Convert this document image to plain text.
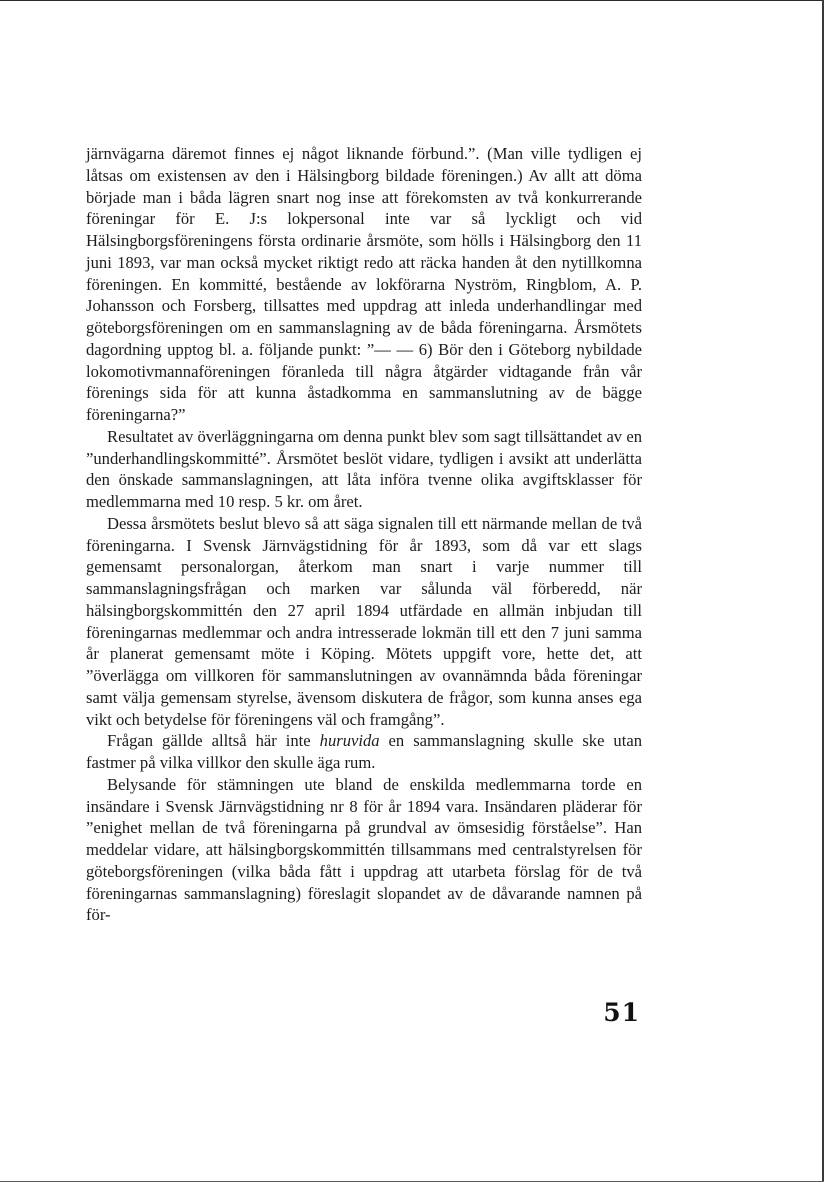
järnvägarna däremot finnes ej något liknande förbund.”. (Man ville tydligen ej låtsas om existensen av den i Hälsingborg bildade föreningen.) Av allt att döma började man i båda lägren snart nog inse att förekomsten av två konkurrerande föreningar för E. J:s lokpersonal inte var så lyckligt och vid Hälsingborgsföreningens första ordinarie årsmöte, som hölls i Hälsingborg den 11 juni 1893, var man också mycket riktigt redo att räcka handen åt den nytillkomna föreningen. En kommitté, bestående av lokförarna Nyström, Ringblom, A. P. Johansson och Forsberg, tillsattes med uppdrag att inleda underhandlingar med göteborgsföreningen om en sammanslagning av de båda föreningarna. Årsmötets dagordning upptog bl. a. följande punkt: ”— — 6) Bör den i Göteborg nybildade lokomotivmannaföreningen föranleda till några åtgärder vidtagande från vår förenings sida för att kunna åstadkomma en sammanslutning av de bägge föreningarna?”

Resultatet av överläggningarna om denna punkt blev som sagt tillsättandet av en ”underhandlingskommitté”. Årsmötet beslöt vidare, tydligen i avsikt att underlätta den önskade sammanslagningen, att låta införa tvenne olika avgiftsklasser för medlemmarna med 10 resp. 5 kr. om året.

Dessa årsmötets beslut blevo så att säga signalen till ett närmande mellan de två föreningarna. I Svensk Järnvägstidning för år 1893, som då var ett slags gemensamt personalorgan, återkom man snart i varje nummer till sammanslagningsfrågan och marken var sålunda väl förberedd, när hälsingborgskommittén den 27 april 1894 utfärdade en allmän inbjudan till föreningarnas medlemmar och andra intresserade lokmän till ett den 7 juni samma år planerat gemensamt möte i Köping. Mötets uppgift vore, hette det, att ”överlägga om villkoren för sammanslutningen av ovannämnda båda föreningar samt välja gemensam styrelse, ävensom diskutera de frågor, som kunna anses ega vikt och betydelse för föreningens väl och framgång”.

Frågan gällde alltså här inte huruvida en sammanslagning skulle ske utan fastmer på vilka villkor den skulle äga rum.

Belysande för stämningen ute bland de enskilda medlemmarna torde en insändare i Svensk Järnvägstidning nr 8 för år 1894 vara. Insändaren pläderar för ”enighet mellan de två föreningarna på grundval av ömsesidig förståelse”. Han meddelar vidare, att hälsingborgskommittén tillsammans med centralstyrelsen för göteborgsföreningen (vilka båda fått i uppdrag att utarbeta förslag för de två föreningarnas sammanslagning) föreslagit slopandet av de dåvarande namnen på för-

51
